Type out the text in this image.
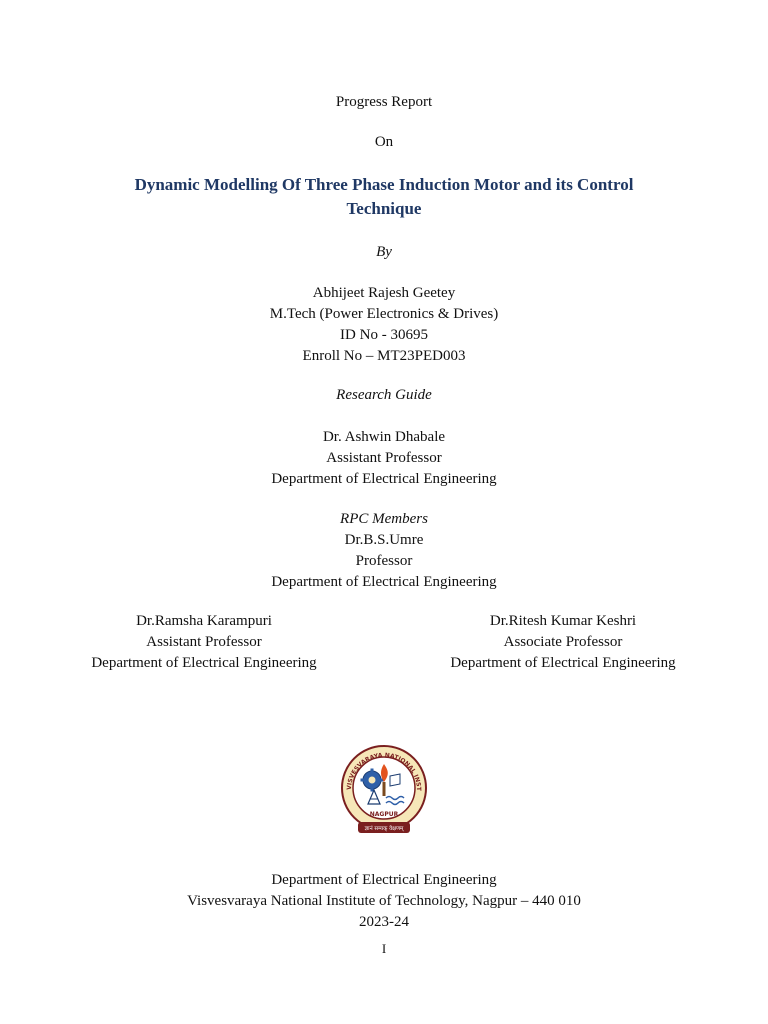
Progress Report
On
Dynamic Modelling Of Three Phase Induction Motor and its Control Technique
By
Abhijeet Rajesh Geetey
M.Tech (Power Electronics & Drives)
ID No - 30695
Enroll No – MT23PED003
Research Guide
Dr. Ashwin Dhabale
Assistant Professor
Department of Electrical Engineering
RPC Members
Dr.B.S.Umre
Professor
Department of Electrical Engineering
Dr.Ramsha Karampuri
Assistant Professor
Department of Electrical Engineering
Dr.Ritesh Kumar Keshri
Associate Professor
Department of Electrical Engineering
VISVESVARAYA NATIONAL INST
ज्ञानं सम्यक् वेक्षणम्
NAGPUR
Department of Electrical Engineering
Visvesvaraya National Institute of Technology, Nagpur – 440 010
2023-24
I
